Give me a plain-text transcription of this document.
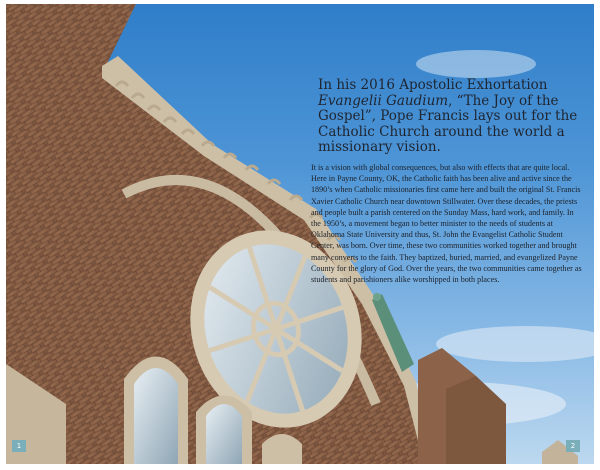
In his 2016 Apostolic Exhortation Evangelii Gaudium, “The Joy of the Gospel”, Pope Francis lays out for the Catholic Church around the world a missionary vision.

It is a vision with global consequences, but also with effects that are quite local. Here in Payne County, OK, the Catholic faith has been alive and active since the 1890’s when Catholic missionaries first came here and built the original St. Francis Xavier Catholic Church near downtown Stillwater. Over these decades, the priests and people built a parish centered on the Sunday Mass, hard work, and family. In the 1950’s, a movement began to better minister to the needs of students at Oklahoma State University and thus, St. John the Evangelist Catholic Student Center, was born. Over time, these two communities worked together and brought many converts to the faith. They baptized, buried, married, and evangelized Payne County for the glory of God. Over the years, the two communities came together as students and parishioners alike worshipped in both places.

1	2
